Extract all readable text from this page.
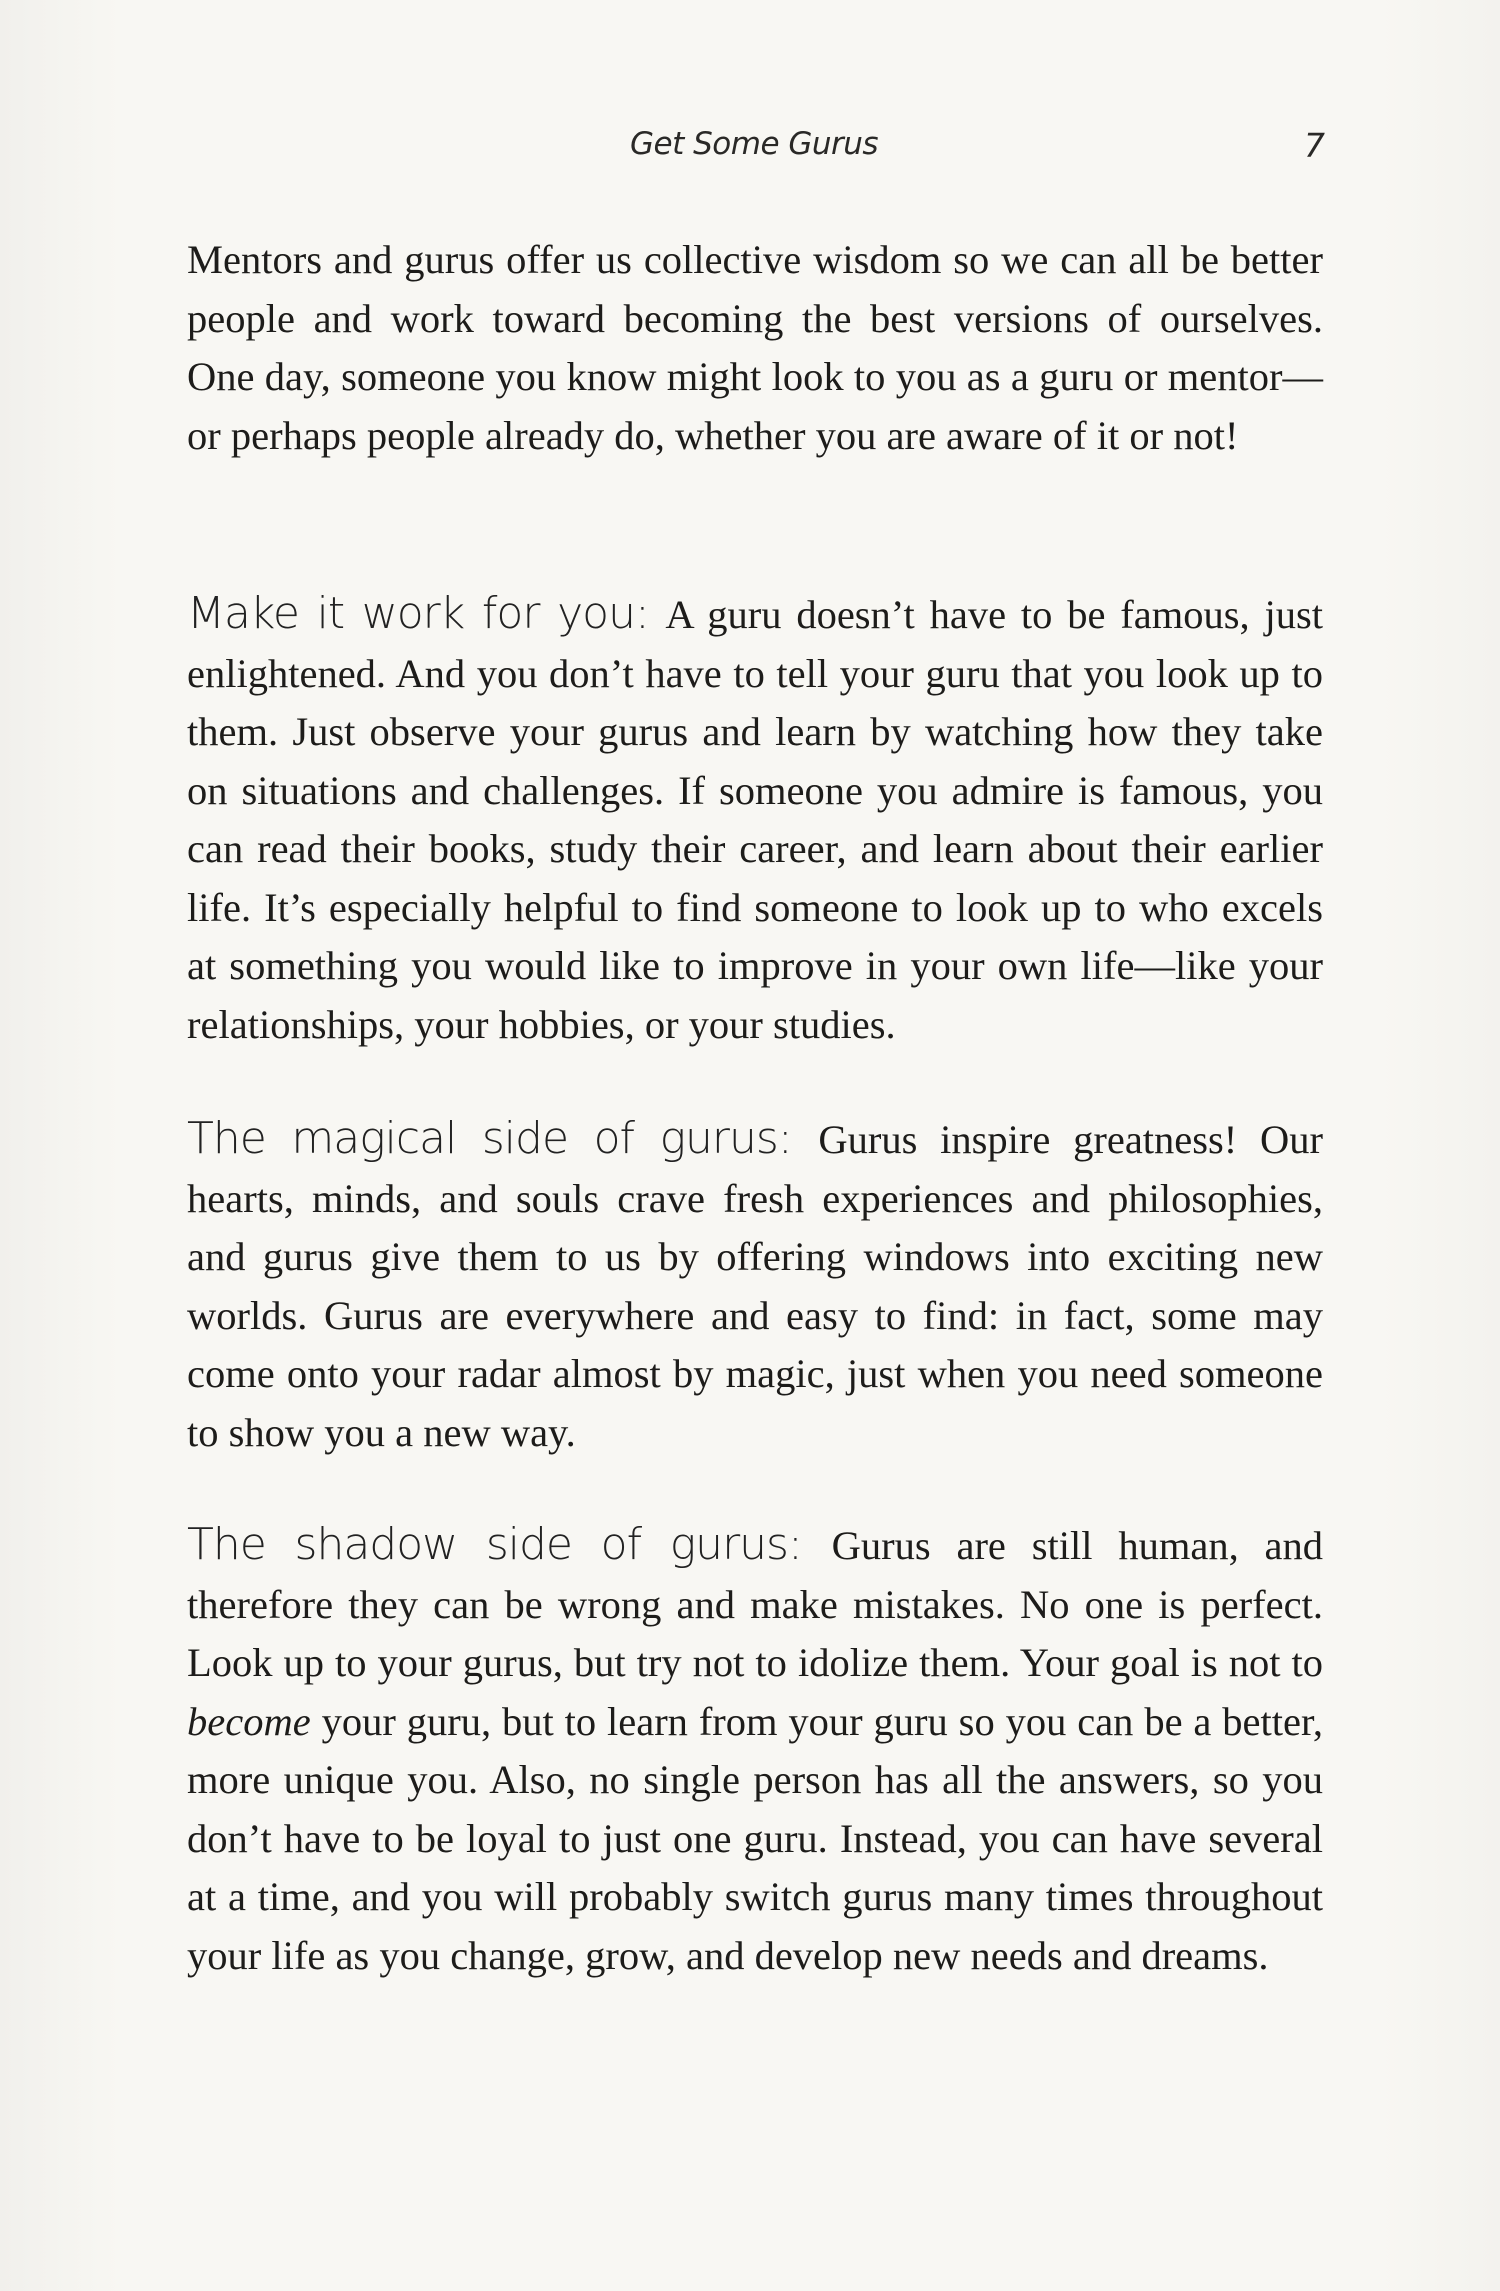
Get Some Gurus	7

Mentors and gurus offer us collective wisdom so we can all be better people and work toward becoming the best versions of ourselves. One day, someone you know might look to you as a guru or mentor—or perhaps people already do, whether you are aware of it or not!

Make it work for you: A guru doesn’t have to be famous, just enlightened. And you don’t have to tell your guru that you look up to them. Just observe your gurus and learn by watching how they take on situations and challenges. If someone you admire is famous, you can read their books, study their career, and learn about their earlier life. It’s especially helpful to find someone to look up to who excels at something you would like to improve in your own life—like your relationships, your hobbies, or your studies.

The magical side of gurus: Gurus inspire greatness! Our hearts, minds, and souls crave fresh experiences and philosophies, and gurus give them to us by offering windows into exciting new worlds. Gurus are everywhere and easy to find: in fact, some may come onto your radar almost by magic, just when you need someone to show you a new way.

The shadow side of gurus: Gurus are still human, and therefore they can be wrong and make mistakes. No one is perfect. Look up to your gurus, but try not to idolize them. Your goal is not to become your guru, but to learn from your guru so you can be a better, more unique you. Also, no single person has all the answers, so you don’t have to be loyal to just one guru. Instead, you can have several at a time, and you will probably switch gurus many times throughout your life as you change, grow, and develop new needs and dreams.
